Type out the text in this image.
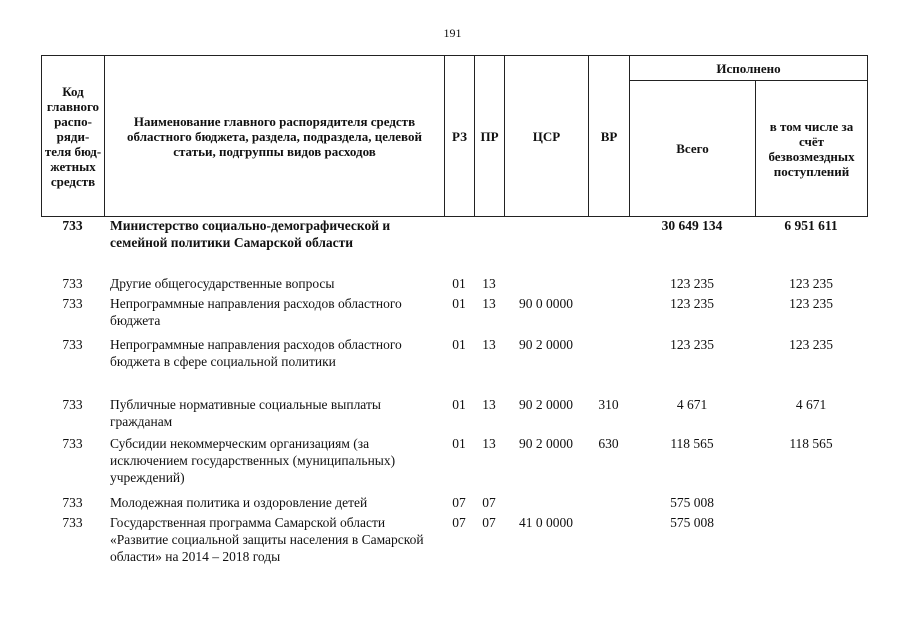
191
Код главного распо-ряди-теля бюд-жетных средств	Наименование главного распорядителя средств областного бюджета, раздела, подраздела, целевой статьи, подгруппы видов расходов	РЗ	ПР	ЦСР	ВР	Исполнено	
						Всего	в том числе за счёт безвозмездных поступлений
733	Министерство социально-демографической и семейной политики Самарской области					30 649 134	6 951 611
733	Другие общегосударственные вопросы	01	13			123 235	123 235
733	Непрограммные направления расходов областного бюджета	01	13	90 0 0000		123 235	123 235
733	Непрограммные направления расходов областного бюджета в сфере социальной политики	01	13	90 2 0000		123 235	123 235
733	Публичные нормативные социальные выплаты гражданам	01	13	90 2 0000	310	4 671	4 671
733	Субсидии некоммерческим организациям (за исключением государственных (муниципальных) учреждений)	01	13	90 2 0000	630	118 565	118 565
733	Молодежная политика и оздоровление детей	07	07			575 008	
733	Государственная программа Самарской области «Развитие социальной защиты населения в Самарской области» на 2014 – 2018 годы	07	07	41 0 0000		575 008	
